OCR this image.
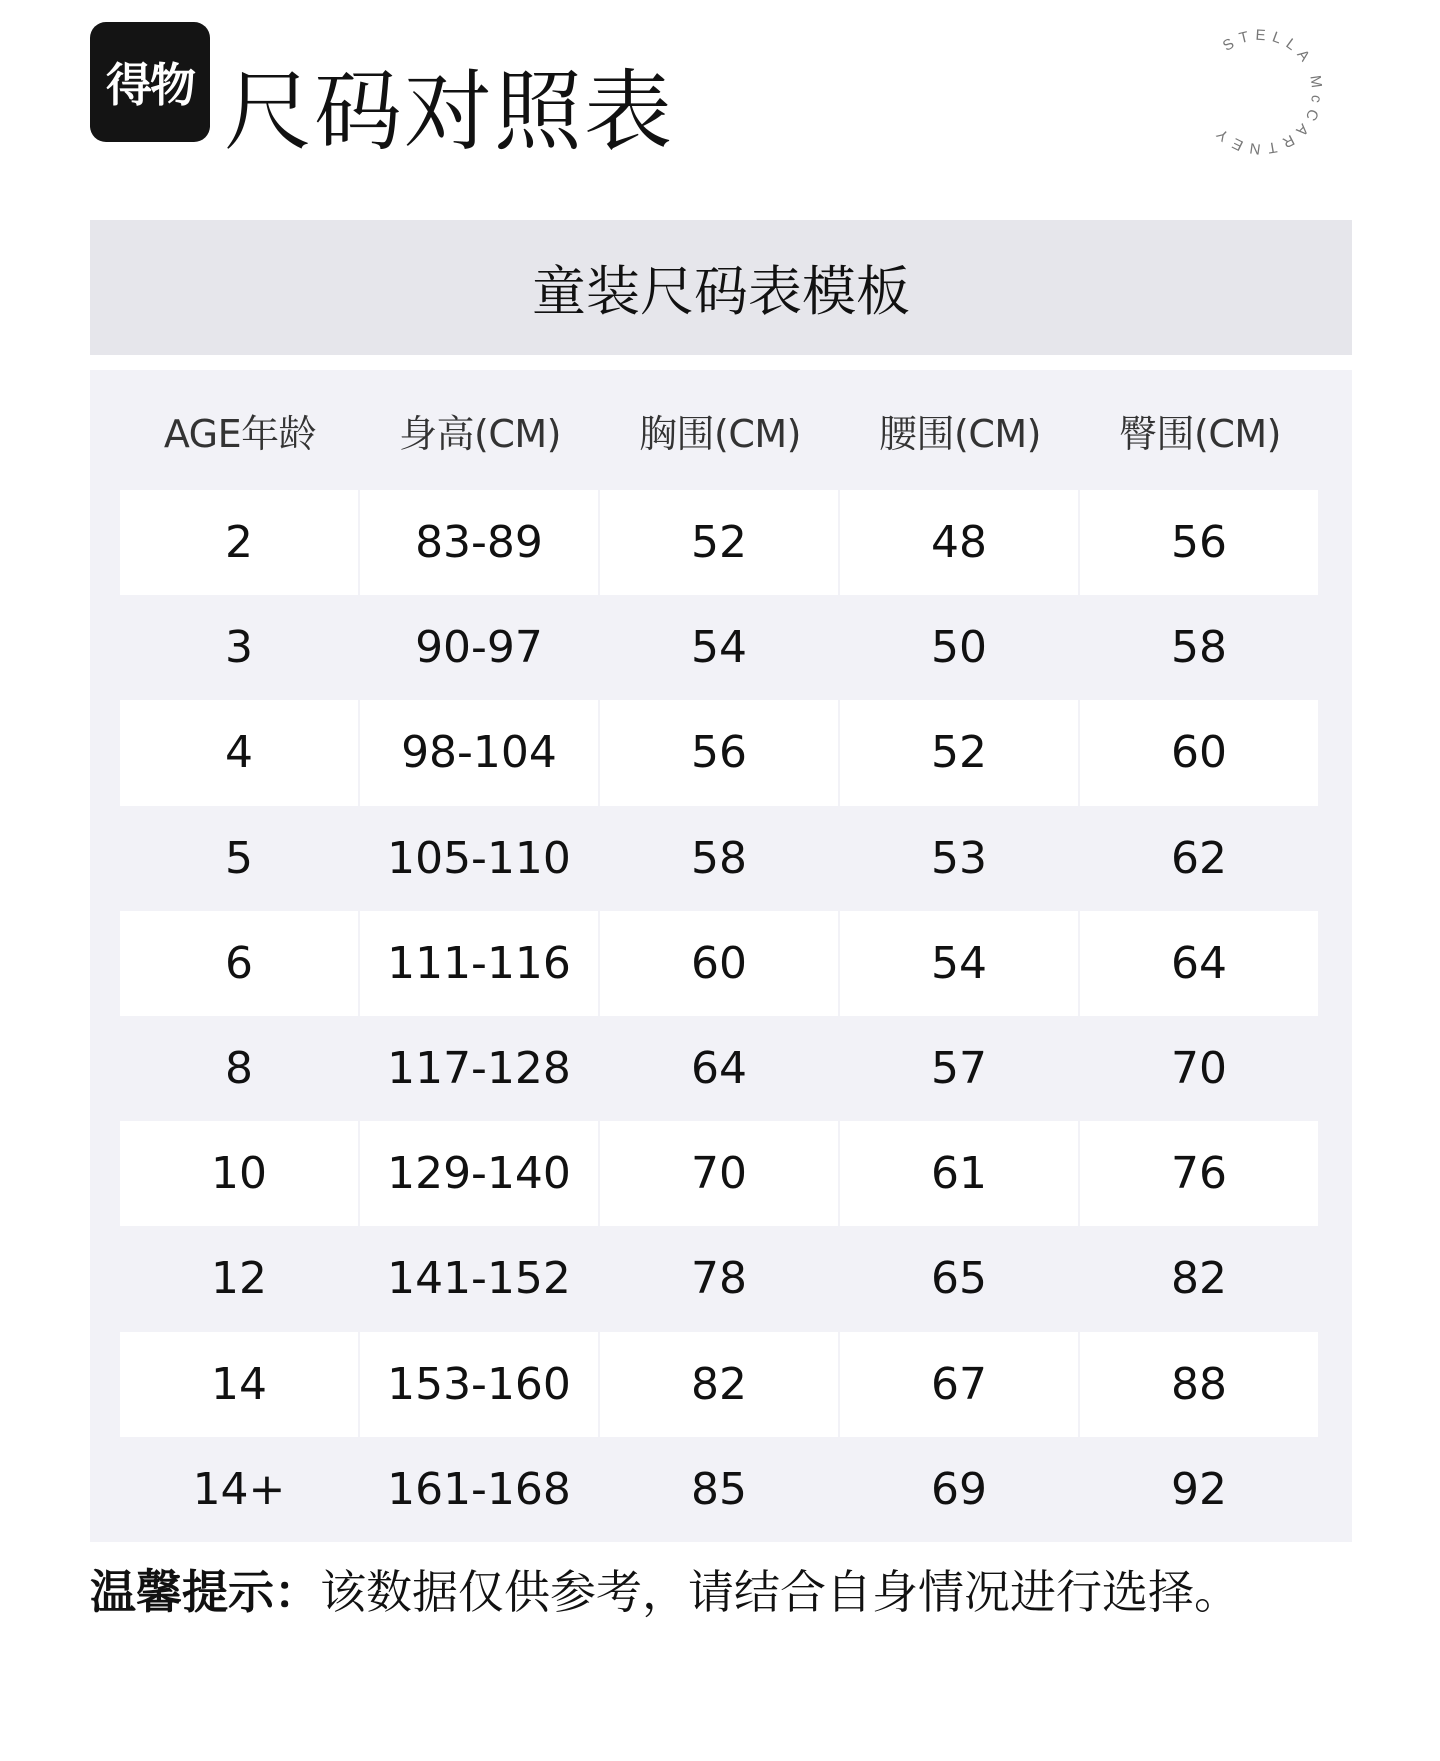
得物 尺码对照表
STELLA McCARTNEY
童装尺码表模板
AGE年龄	身高(CM)	胸围(CM)	腰围(CM)	臀围(CM)
2	83-89	52	48	56
3	90-97	54	50	58
4	98-104	56	52	60
5	105-110	58	53	62
6	111-116	60	54	64
8	117-128	64	57	70
10	129-140	70	61	76
12	141-152	78	65	82
14	153-160	82	67	88
14+	161-168	85	69	92
温馨提示：该数据仅供参考，请结合自身情况进行选择。
